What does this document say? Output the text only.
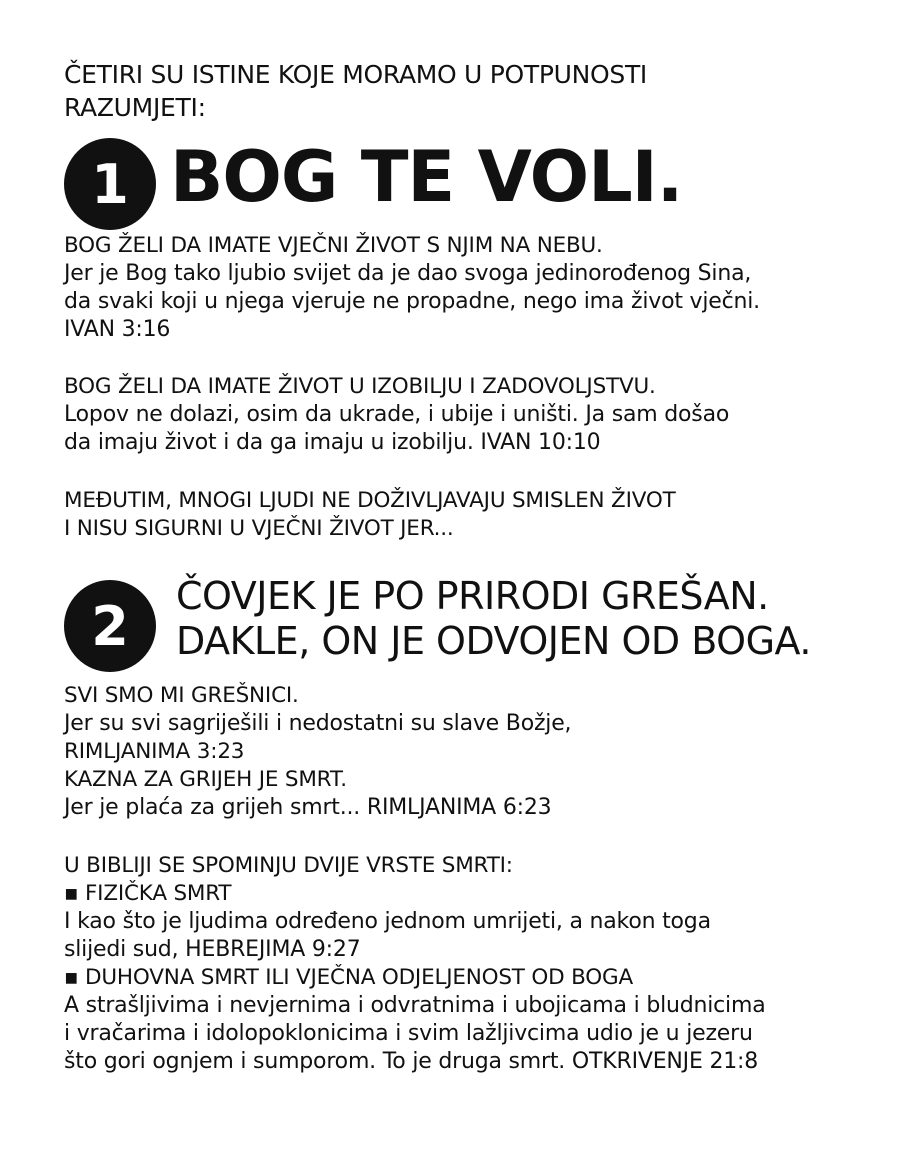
ČETIRI SU ISTINE KOJE MORAMO U POTPUNOSTI
RAZUMJETI:
1 BOG TE VOLI.
BOG ŽELI DA IMATE VJEČNI ŽIVOT S NJIM NA NEBU.
Jer je Bog tako ljubio svijet da je dao svoga jedinorođenog Sina,
da svaki koji u njega vjeruje ne propadne, nego ima život vječni.
IVAN 3:16
BOG ŽELI DA IMATE ŽIVOT U IZOBILJU I ZADOVOLJSTVU.
Lopov ne dolazi, osim da ukrade, i ubije i uništi. Ja sam došao
da imaju život i da ga imaju u izobilju. IVAN 10:10
MEĐUTIM, MNOGI LJUDI NE DOŽIVLJAVAJU SMISLEN ŽIVOT
I NISU SIGURNI U VJEČNI ŽIVOT JER...
2	ČOVJEK JE PO PRIRODI GREŠAN.
DAKLE, ON JE ODVOJEN OD BOGA.
SVI SMO MI GREŠNICI.
Jer su svi sagriješili i nedostatni su slave Božje,
RIMLJANIMA 3:23
KAZNA ZA GRIJEH JE SMRT.
Jer je plaća za grijeh smrt... RIMLJANIMA 6:23
U BIBLIJI SE SPOMINJU DVIJE VRSTE SMRTI:
▪ FIZIČKA SMRT
I kao što je ljudima određeno jednom umrijeti, a nakon toga
slijedi sud, HEBREJIMA 9:27
▪ DUHOVNA SMRT ILI VJEČNA ODJELJENOST OD BOGA
A strašljivima i nevjernima i odvratnima i ubojicama i bludnicima
i vračarima i idolopoklonicima i svim lažljivcima udio je u jezeru
što gori ognjem i sumporom. To je druga smrt. OTKRIVENJE 21:8
